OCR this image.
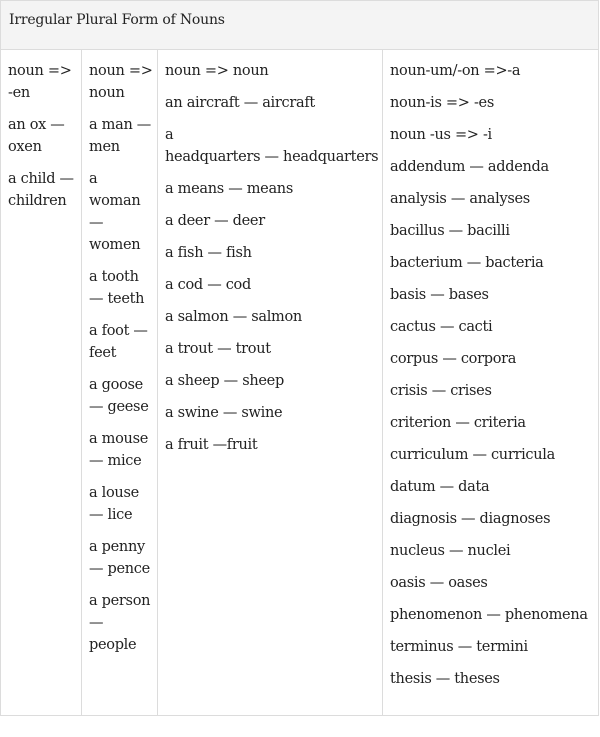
Irregular Plural Form of Nouns
noun => -en
an ox — oxen
a child — children
noun => noun
a man — men
a woman — women
a tooth — teeth
a foot — feet
a goose — geese
a mouse — mice
a louse — lice
a penny — pence
a person — people
noun => noun
an aircraft — aircraft
a
headquarters — headquarters
a means — means
a deer — deer
a fish — fish
a cod — cod
a salmon — salmon
a trout — trout
a sheep — sheep
a swine — swine
a fruit —fruit
noun-um/-on =>-a
noun-is => -es
noun -us => -i
addendum — addenda
analysis — analyses
bacillus — bacilli
bacterium — bacteria
basis — bases
cactus — cacti
corpus — corpora
crisis — crises
criterion — criteria
curriculum — curricula
datum — data
diagnosis — diagnoses
nucleus — nuclei
oasis — oases
phenomenon — phenomena
terminus — termini
thesis — theses
